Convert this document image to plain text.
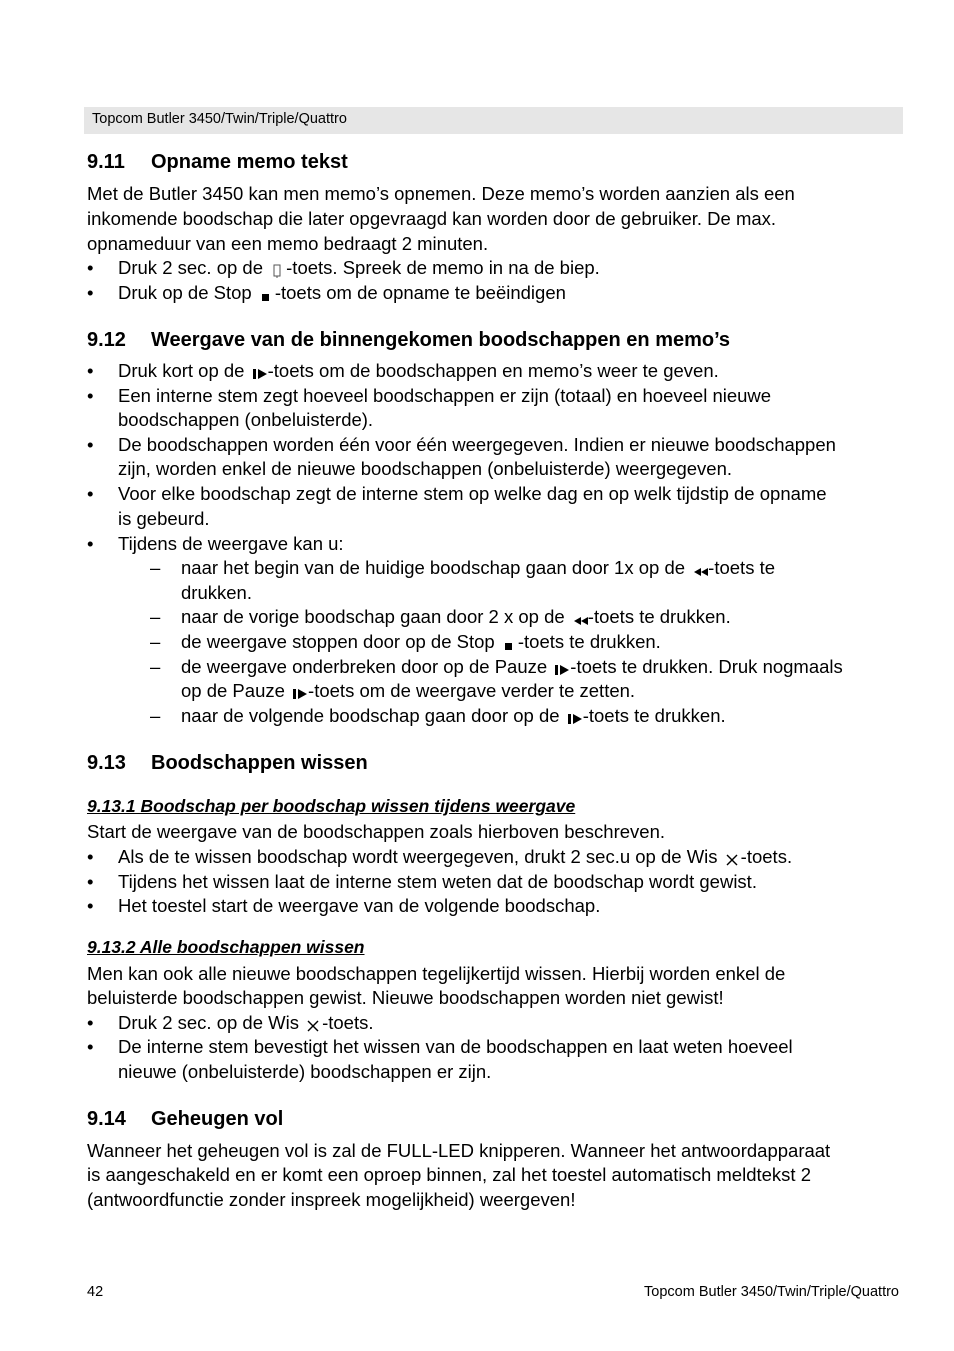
Topcom Butler 3450/Twin/Triple/Quattro
9.11 Opname memo tekst
Met de Butler 3450 kan men memo’s opnemen. Deze memo’s worden aanzien als een
inkomende boodschap die later opgevraagd kan worden door de gebruiker. De max.
opnameduur van een memo bedraagt 2 minuten.
• Druk 2 sec. op de -toets. Spreek de memo in na de biep.
• Druk op de Stop -toets om de opname te beëindigen
9.12 Weergave van de binnengekomen boodschappen en memo’s
• Druk kort op de -toets om de boodschappen en memo’s weer te geven.
• Een interne stem zegt hoeveel boodschappen er zijn (totaal) en hoeveel nieuwe
boodschappen (onbeluisterde).
• De boodschappen worden één voor één weergegeven. Indien er nieuwe boodschappen
zijn, worden enkel de nieuwe boodschappen (onbeluisterde) weergegeven.
• Voor elke boodschap zegt de interne stem op welke dag en op welk tijdstip de opname
is gebeurd.
• Tijdens de weergave kan u:
– naar het begin van de huidige boodschap gaan door 1x op de -toets te
drukken.
– naar de vorige boodschap gaan door 2 x op de -toets te drukken.
– de weergave stoppen door op de Stop -toets te drukken.
– de weergave onderbreken door op de Pauze -toets te drukken. Druk nogmaals
op de Pauze -toets om de weergave verder te zetten.
– naar de volgende boodschap gaan door op de -toets te drukken.
9.13 Boodschappen wissen
9.13.1 Boodschap per boodschap wissen tijdens weergave
Start de weergave van de boodschappen zoals hierboven beschreven.
• Als de te wissen boodschap wordt weergegeven, drukt 2 sec.u op de Wis -toets.
• Tijdens het wissen laat de interne stem weten dat de boodschap wordt gewist.
• Het toestel start de weergave van de volgende boodschap.
9.13.2 Alle boodschappen wissen
Men kan ook alle nieuwe boodschappen tegelijkertijd wissen. Hierbij worden enkel de
beluisterde boodschappen gewist. Nieuwe boodschappen worden niet gewist!
• Druk 2 sec. op de Wis -toets.
• De interne stem bevestigt het wissen van de boodschappen en laat weten hoeveel
nieuwe (onbeluisterde) boodschappen er zijn.
9.14 Geheugen vol
Wanneer het geheugen vol is zal de FULL-LED knipperen. Wanneer het antwoordapparaat
is aangeschakeld en er komt een oproep binnen, zal het toestel automatisch meldtekst 2
(antwoordfunctie zonder inspreek mogelijkheid) weergeven!
42	Topcom Butler 3450/Twin/Triple/Quattro
